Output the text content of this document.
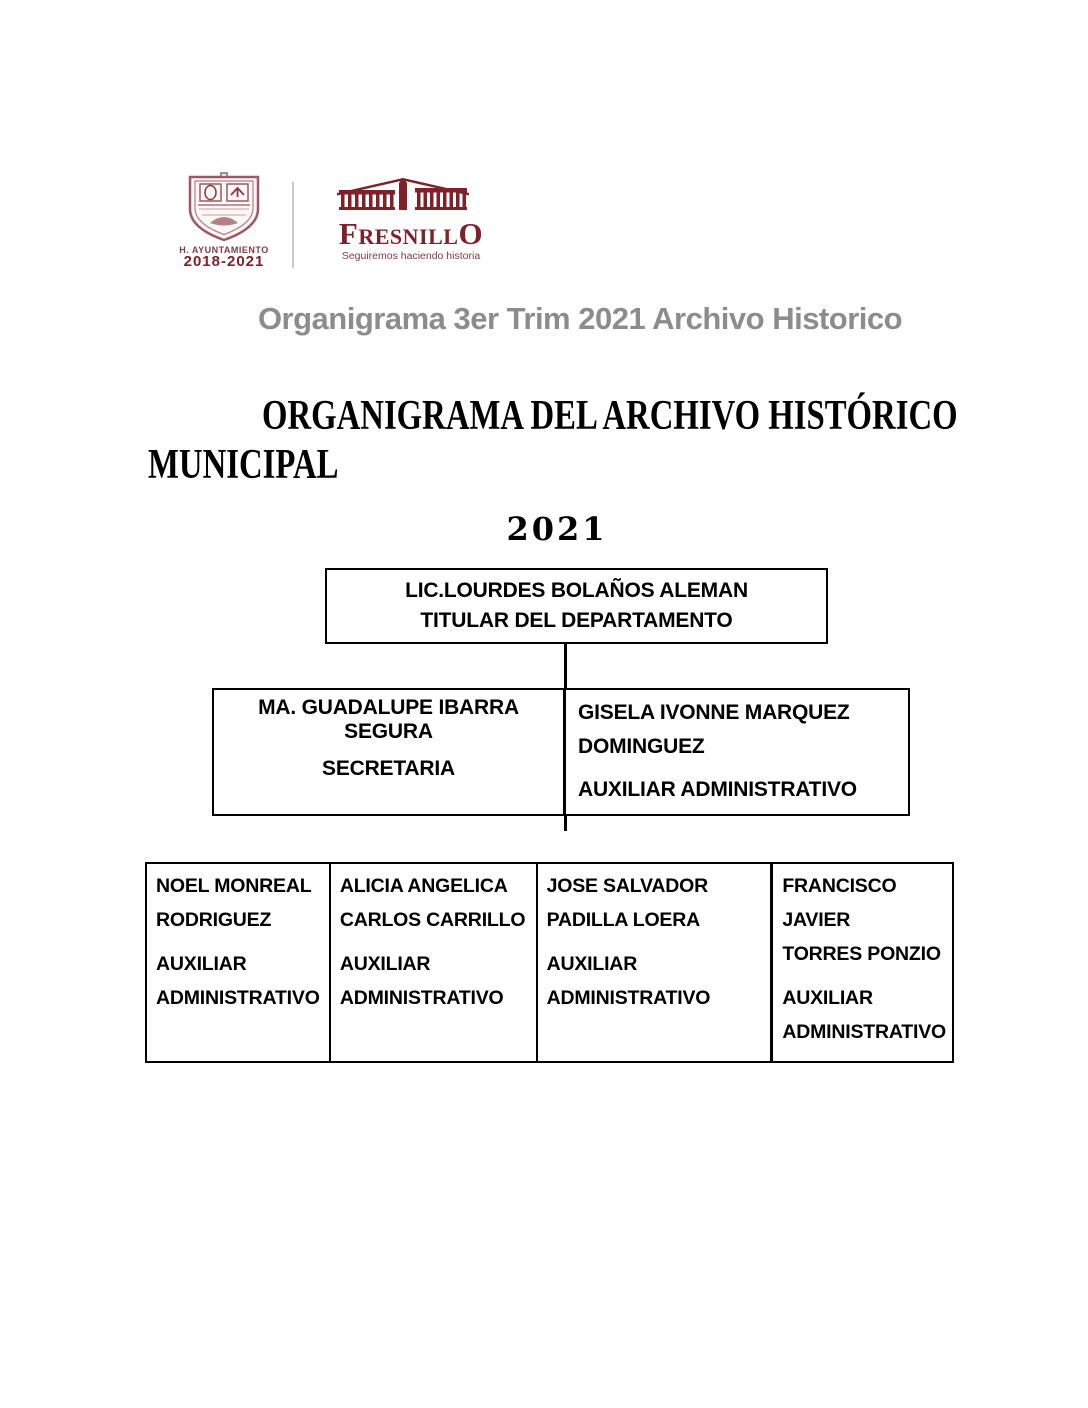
H. AYUNTAMIENTO
2018-2021
FresnillO
Seguiremos haciendo historia
Organigrama 3er Trim 2021 Archivo Historico
ORGANIGRAMA DEL ARCHIVO HISTÓRICO
MUNICIPAL
2021
LIC.LOURDES BOLAÑOS ALEMAN
TITULAR DEL DEPARTAMENTO
MA. GUADALUPE IBARRA SEGURA
SECRETARIA
GISELA IVONNE MARQUEZ
DOMINGUEZ
AUXILIAR ADMINISTRATIVO
NOEL MONREAL
RODRIGUEZ
AUXILIAR
ADMINISTRATIVO
ALICIA ANGELICA
CARLOS CARRILLO
AUXILIAR
ADMINISTRATIVO
JOSE SALVADOR
PADILLA LOERA
AUXILIAR
ADMINISTRATIVO
FRANCISCO JAVIER
TORRES PONZIO
AUXILIAR
ADMINISTRATIVO
